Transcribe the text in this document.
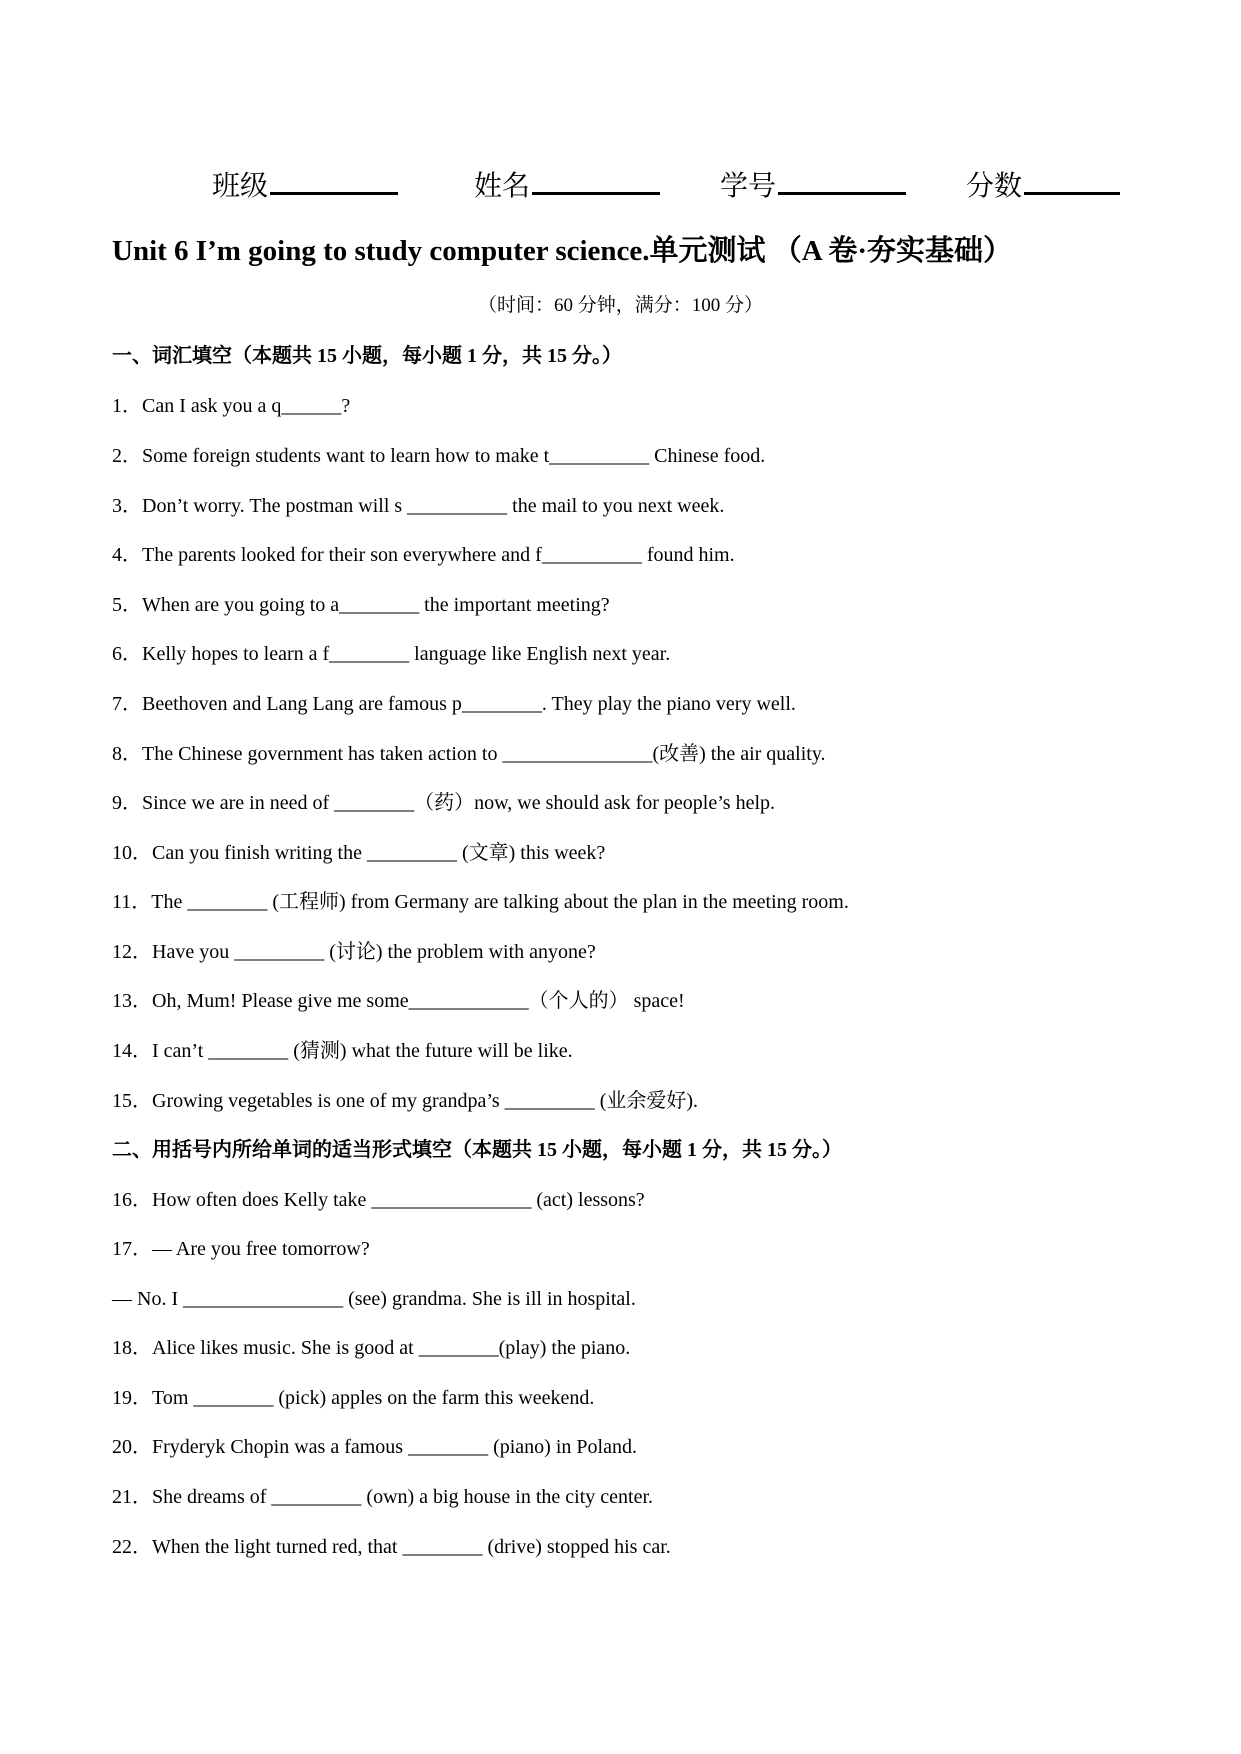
班级	姓名	学号	分数
Unit 6 I’m going to study computer science.单元测试 （A 卷·夯实基础）
（时间：60 分钟，满分：100 分）
一、词汇填空（本题共 15 小题，每小题 1 分，共 15 分。）
1．Can I ask you a q______?
2．Some foreign students want to learn how to make t__________ Chinese food.
3．Don’t worry. The postman will s __________ the mail to you next week.
4．The parents looked for their son everywhere and f__________ found him.
5．When are you going to a________ the important meeting?
6．Kelly hopes to learn a f________ language like English next year.
7．Beethoven and Lang Lang are famous p________. They play the piano very well.
8．The Chinese government has taken action to _______________(改善) the air quality.
9．Since we are in need of ________（药）now, we should ask for people’s help.
10．Can you finish writing the _________ (文章) this week?
11．The ________ (工程师) from Germany are talking about the plan in the meeting room.
12．Have you _________ (讨论) the problem with anyone?
13．Oh, Mum! Please give me some____________（个人的） space!
14．I can’t ________ (猜测) what the future will be like.
15．Growing vegetables is one of my grandpa’s _________ (业余爱好).
二、用括号内所给单词的适当形式填空（本题共 15 小题，每小题 1 分，共 15 分。）
16．How often does Kelly take ________________ (act) lessons?
17．— Are you free tomorrow?
— No. I ________________ (see) grandma. She is ill in hospital.
18．Alice likes music. She is good at ________(play) the piano.
19．Tom ________ (pick) apples on the farm this weekend.
20．Fryderyk Chopin was a famous ________ (piano) in Poland.
21．She dreams of _________ (own) a big house in the city center.
22．When the light turned red, that ________ (drive) stopped his car.
